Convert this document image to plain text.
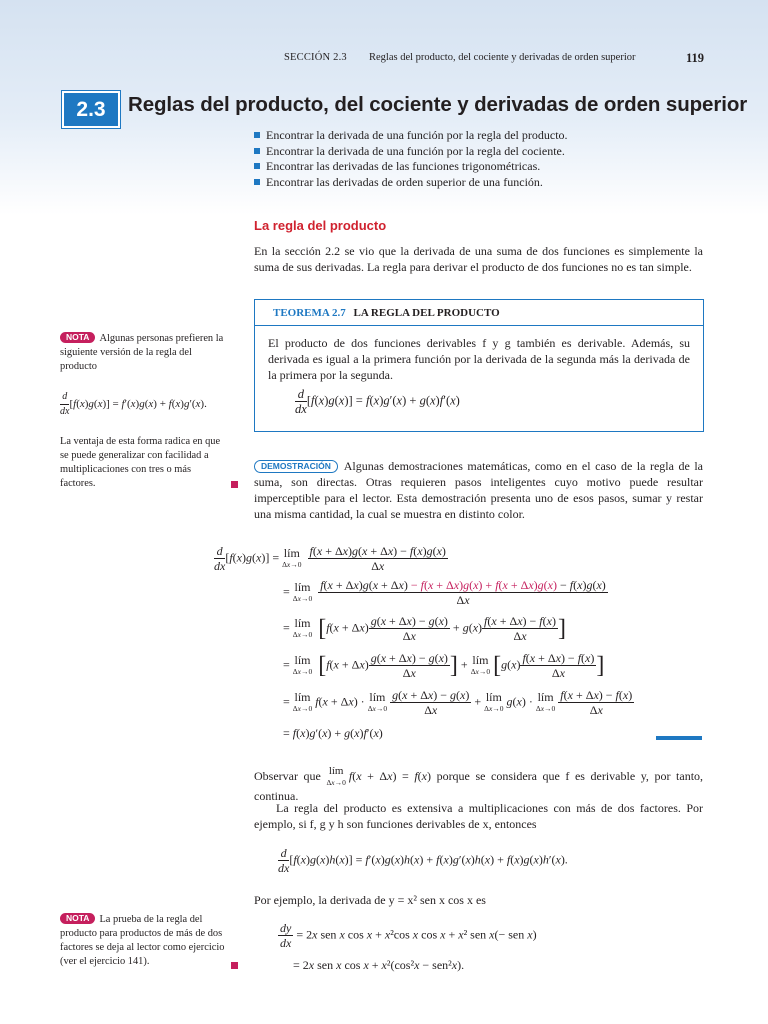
SECCIÓN 2.3 Reglas del producto, del cociente y derivadas de orden superior	119
2.3	Reglas del producto, del cociente y derivadas de orden superior
Encontrar la derivada de una función por la regla del producto.
Encontrar la derivada de una función por la regla del cociente.
Encontrar las derivadas de las funciones trigonométricas.
Encontrar las derivadas de orden superior de una función.
La regla del producto
En la sección 2.2 se vio que la derivada de una suma de dos funciones es simplemente la suma de sus derivadas. La regla para derivar el producto de dos funciones no es tan simple.
TEOREMA 2.7 LA REGLA DEL PRODUCTO
El producto de dos funciones derivables f y g también es derivable. Además, su derivada es igual a la primera función por la derivada de la segunda más la derivada de la primera por la segunda.
$\frac{d}{dx} [f(x)g(x)] = f(x)g'(x) + g(x)f'(x)$
NOTA Algunas personas prefieren la siguiente versión de la regla del producto
$\frac{d}{dx} [f(x)g(x)] = f'(x)g(x) + f(x)g'(x)$.
La ventaja de esta forma radica en que se puede generalizar con facilidad a multiplicaciones con tres o más factores.
DEMOSTRACIÓN Algunas demostraciones matemáticas, como en el caso de la regla de la suma, son directas. Otras requieren pasos inteligentes cuyo motivo puede resultar imperceptible para el lector. Esta demostración presenta uno de esos pasos, sumar y restar una misma cantidad, la cual se muestra en distinto color.
$\frac{d}{dx} [f(x)g(x)]$ = lím
Δx→0
$\frac{f(x + \Delta x)g(x + \Delta x) - f(x)g(x)}{\Delta x}$
= lím
Δx→0

f(x + Δx)g(x + Δx) − f(x + Δx)g(x) + f(x + Δx)g(x) − f(x)g(x)
Δx
= lím
Δx→0 [$f(x + \Delta x) \frac{g(x + \Delta x) - g(x)}{\Delta x} + g(x) \frac{f(x + \Delta x) - f(x)}{\Delta x}$ ]
= lím
Δx→0 [$f(x + \Delta x) \frac{g(x + \Delta x) - g(x)}{\Delta x}$ ] + lím
Δx→0 [$g(x) \frac{f(x + \Delta x) - f(x)}{\Delta x}$ ]
= lím
Δx→0 f(x + Δx) · lím
$\Delta x\to 0 \frac{g(x + \Delta x) - g(x)}{\Delta x}$ + lím
Δx→0 g(x) · lím
$\Delta x\to 0 \frac{f(x + \Delta x) - f(x)}{\Delta x}$
= f(x)g′(x) + g(x)f′(x)
Observar que lím
Δx→0 f(x + Δx) = f(x) porque se considera que f es derivable y, por tanto, continua.
La regla del producto es extensiva a multiplicaciones con más de dos factores. Por ejemplo, si f, g y h son funciones derivables de x, entonces
$\frac{d}{dx} [f(x)g(x)h(x)] = f'(x)g(x)h(x) + f(x)g'(x)h(x) + f(x)g(x)h'(x)$.
Por ejemplo, la derivada de y = x² sen x cos x es
$\frac{dy}{dx} = 2x$ sen x cos x + x²cos x cos x + x² sen x(− sen x)
= 2x sen x cos x + x²(cos²x − sen²x).
NOTA La prueba de la regla del producto para productos de más de dos factores se deja al lector como ejercicio (ver el ejercicio 141).
